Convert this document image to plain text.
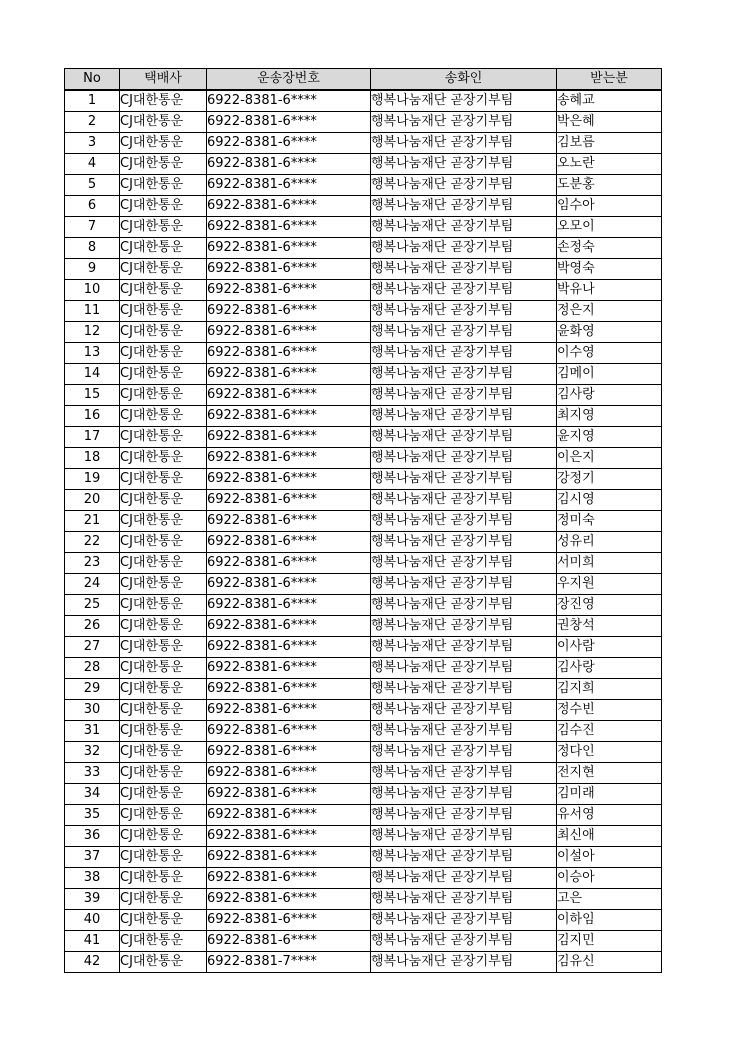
No	택배사	운송장번호	송화인	받는분
1	CJ대한통운	6922-8381-6****	행복나눔재단 곧장기부팀	송혜교
2	CJ대한통운	6922-8381-6****	행복나눔재단 곧장기부팀	박은혜
3	CJ대한통운	6922-8381-6****	행복나눔재단 곧장기부팀	김보름
4	CJ대한통운	6922-8381-6****	행복나눔재단 곧장기부팀	오노란
5	CJ대한통운	6922-8381-6****	행복나눔재단 곧장기부팀	도분홍
6	CJ대한통운	6922-8381-6****	행복나눔재단 곧장기부팀	임수아
7	CJ대한통운	6922-8381-6****	행복나눔재단 곧장기부팀	오모이
8	CJ대한통운	6922-8381-6****	행복나눔재단 곧장기부팀	손정숙
9	CJ대한통운	6922-8381-6****	행복나눔재단 곧장기부팀	박영숙
10	CJ대한통운	6922-8381-6****	행복나눔재단 곧장기부팀	박유나
11	CJ대한통운	6922-8381-6****	행복나눔재단 곧장기부팀	정은지
12	CJ대한통운	6922-8381-6****	행복나눔재단 곧장기부팀	윤화영
13	CJ대한통운	6922-8381-6****	행복나눔재단 곧장기부팀	이수영
14	CJ대한통운	6922-8381-6****	행복나눔재단 곧장기부팀	김메이
15	CJ대한통운	6922-8381-6****	행복나눔재단 곧장기부팀	김사랑
16	CJ대한통운	6922-8381-6****	행복나눔재단 곧장기부팀	최지영
17	CJ대한통운	6922-8381-6****	행복나눔재단 곧장기부팀	윤지영
18	CJ대한통운	6922-8381-6****	행복나눔재단 곧장기부팀	이은지
19	CJ대한통운	6922-8381-6****	행복나눔재단 곧장기부팀	강정기
20	CJ대한통운	6922-8381-6****	행복나눔재단 곧장기부팀	김시영
21	CJ대한통운	6922-8381-6****	행복나눔재단 곧장기부팀	정미숙
22	CJ대한통운	6922-8381-6****	행복나눔재단 곧장기부팀	성유리
23	CJ대한통운	6922-8381-6****	행복나눔재단 곧장기부팀	서미희
24	CJ대한통운	6922-8381-6****	행복나눔재단 곧장기부팀	우지원
25	CJ대한통운	6922-8381-6****	행복나눔재단 곧장기부팀	장진영
26	CJ대한통운	6922-8381-6****	행복나눔재단 곧장기부팀	권창석
27	CJ대한통운	6922-8381-6****	행복나눔재단 곧장기부팀	이사람
28	CJ대한통운	6922-8381-6****	행복나눔재단 곧장기부팀	김사랑
29	CJ대한통운	6922-8381-6****	행복나눔재단 곧장기부팀	김지희
30	CJ대한통운	6922-8381-6****	행복나눔재단 곧장기부팀	정수빈
31	CJ대한통운	6922-8381-6****	행복나눔재단 곧장기부팀	김수진
32	CJ대한통운	6922-8381-6****	행복나눔재단 곧장기부팀	정다인
33	CJ대한통운	6922-8381-6****	행복나눔재단 곧장기부팀	전지현
34	CJ대한통운	6922-8381-6****	행복나눔재단 곧장기부팀	김미래
35	CJ대한통운	6922-8381-6****	행복나눔재단 곧장기부팀	유서영
36	CJ대한통운	6922-8381-6****	행복나눔재단 곧장기부팀	최신애
37	CJ대한통운	6922-8381-6****	행복나눔재단 곧장기부팀	이설아
38	CJ대한통운	6922-8381-6****	행복나눔재단 곧장기부팀	이승아
39	CJ대한통운	6922-8381-6****	행복나눔재단 곧장기부팀	고은
40	CJ대한통운	6922-8381-6****	행복나눔재단 곧장기부팀	이하임
41	CJ대한통운	6922-8381-6****	행복나눔재단 곧장기부팀	김지민
42	CJ대한통운	6922-8381-7****	행복나눔재단 곧장기부팀	김유신
